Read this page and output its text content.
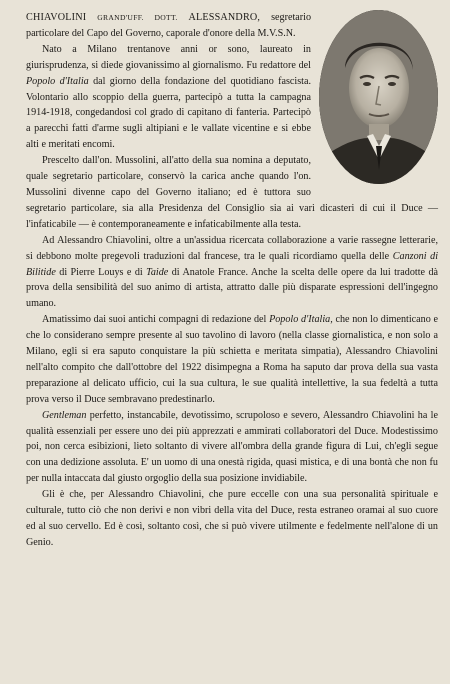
CHIAVOLINI GRAND'UFF. DOTT. ALESSANDRO, segretario particolare del Capo del Governo, caporale d'onore della M.V.S.N.

Nato a Milano trentanove anni or sono, laureato in giurisprudenza, si diede giovanissimo al giornalismo. Fu redattore del Popolo d'Italia dal giorno della fondazione del quotidiano fascista. Volontario allo scoppio della guerra, partecipò a tutta la campagna 1914-1918, congedandosi col grado di capitano di fanteria. Partecipò a parecchi fatti d'arme sugli altipiani e le vallate vicentine e si ebbe alti e meritati encomi.

Prescelto dall'on. Mussolini, all'atto della sua nomina a deputato, quale segretario particolare, conservò la carica anche quando l'on. Mussolini divenne capo del Governo italiano; ed è tuttora suo segretario particolare, sia alla Presidenza del Consiglio sia ai vari dicasteri di cui il Duce — l'infaticabile — è contemporaneamente e infaticabilmente alla testa.

Ad Alessandro Chiavolini, oltre a un'assidua ricercata collaborazione a varie rassegne letterarie, si debbono molte pregevoli traduzioni dal francese, tra le quali ricordiamo quella delle Canzoni di Bilitide di Pierre Louys e di Taide di Anatole France. Anche la scelta delle opere da lui tradotte dà prova della sensibilità del suo animo di artista, attratto dalle più disparate espressioni dell'ingegno umano.

Amatissimo dai suoi antichi compagni di redazione del Popolo d'Italia, che non lo dimenticano e che lo considerano sempre presente al suo tavolino di lavoro (nella classe giornalistica, e non solo a Milano, egli si era saputo conquistare la più schietta e meritata simpatia), Alessandro Chiavolini nell'alto compito che dall'ottobre del 1922 disimpegna a Roma ha saputo dar prova della sua vasta preparazione al delicato ufficio, cui la sua cultura, le sue qualità intellettive, la sua fedeltà a tutta prova verso il Duce sembravano predestinarlo.

Gentleman perfetto, instancabile, devotissimo, scrupoloso e severo, Alessandro Chiavolini ha le qualità essenziali per essere uno dei più apprezzati e ammirati collaboratori del Duce. Modestissimo poi, non cerca esibizioni, lieto soltanto di vivere all'ombra della grande figura di Lui, ch'egli segue con una dedizione assoluta. E' un uomo di una onestà rigida, quasi mistica, e di una bontà che non fu per nulla intaccata dal giusto orgoglio della sua posizione invidiabile.

Gli è che, per Alessandro Chiavolini, che pure eccelle con una sua personalità spirituale e culturale, tutto ciò che non derivi e non vibri della vita del Duce, resta estraneo oramai al suo cuore ed al suo cervello. Ed è così, soltanto così, che si può vivere utilmente e fedelmente nell'alone di un Genio.
